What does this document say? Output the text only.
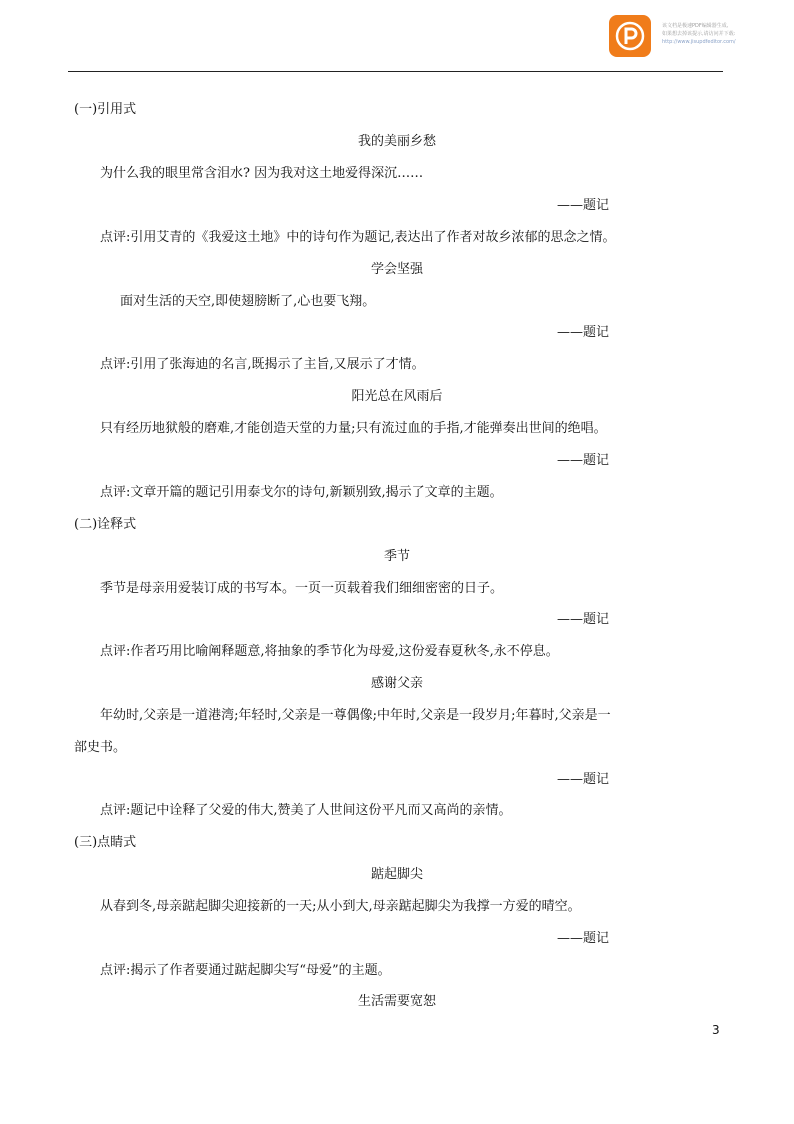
该文档是极速PDF编辑器生成,
如果想去掉该提示,请访问并下载:
http://www.jisupdfeditor.com/
(一)引用式
我的美丽乡愁
为什么我的眼里常含泪水? 因为我对这土地爱得深沉……
——题记
点评:引用艾青的《我爱这土地》中的诗句作为题记,表达出了作者对故乡浓郁的思念之情。
学会坚强
面对生活的天空,即使翅膀断了,心也要飞翔。
——题记
点评:引用了张海迪的名言,既揭示了主旨,又展示了才情。
阳光总在风雨后
只有经历地狱般的磨难,才能创造天堂的力量;只有流过血的手指,才能弹奏出世间的绝唱。
——题记
点评:文章开篇的题记引用泰戈尔的诗句,新颖别致,揭示了文章的主题。
(二)诠释式
季节
季节是母亲用爱装订成的书写本。一页一页载着我们细细密密的日子。
——题记
点评:作者巧用比喻阐释题意,将抽象的季节化为母爱,这份爱春夏秋冬,永不停息。
感谢父亲
年幼时,父亲是一道港湾;年轻时,父亲是一尊偶像;中年时,父亲是一段岁月;年暮时,父亲是一
部史书。
——题记
点评:题记中诠释了父爱的伟大,赞美了人世间这份平凡而又高尚的亲情。
(三)点睛式
踮起脚尖
从春到冬,母亲踮起脚尖迎接新的一天;从小到大,母亲踮起脚尖为我撑一方爱的晴空。
——题记
点评:揭示了作者要通过踮起脚尖写“母爱”的主题。
生活需要宽恕
3
